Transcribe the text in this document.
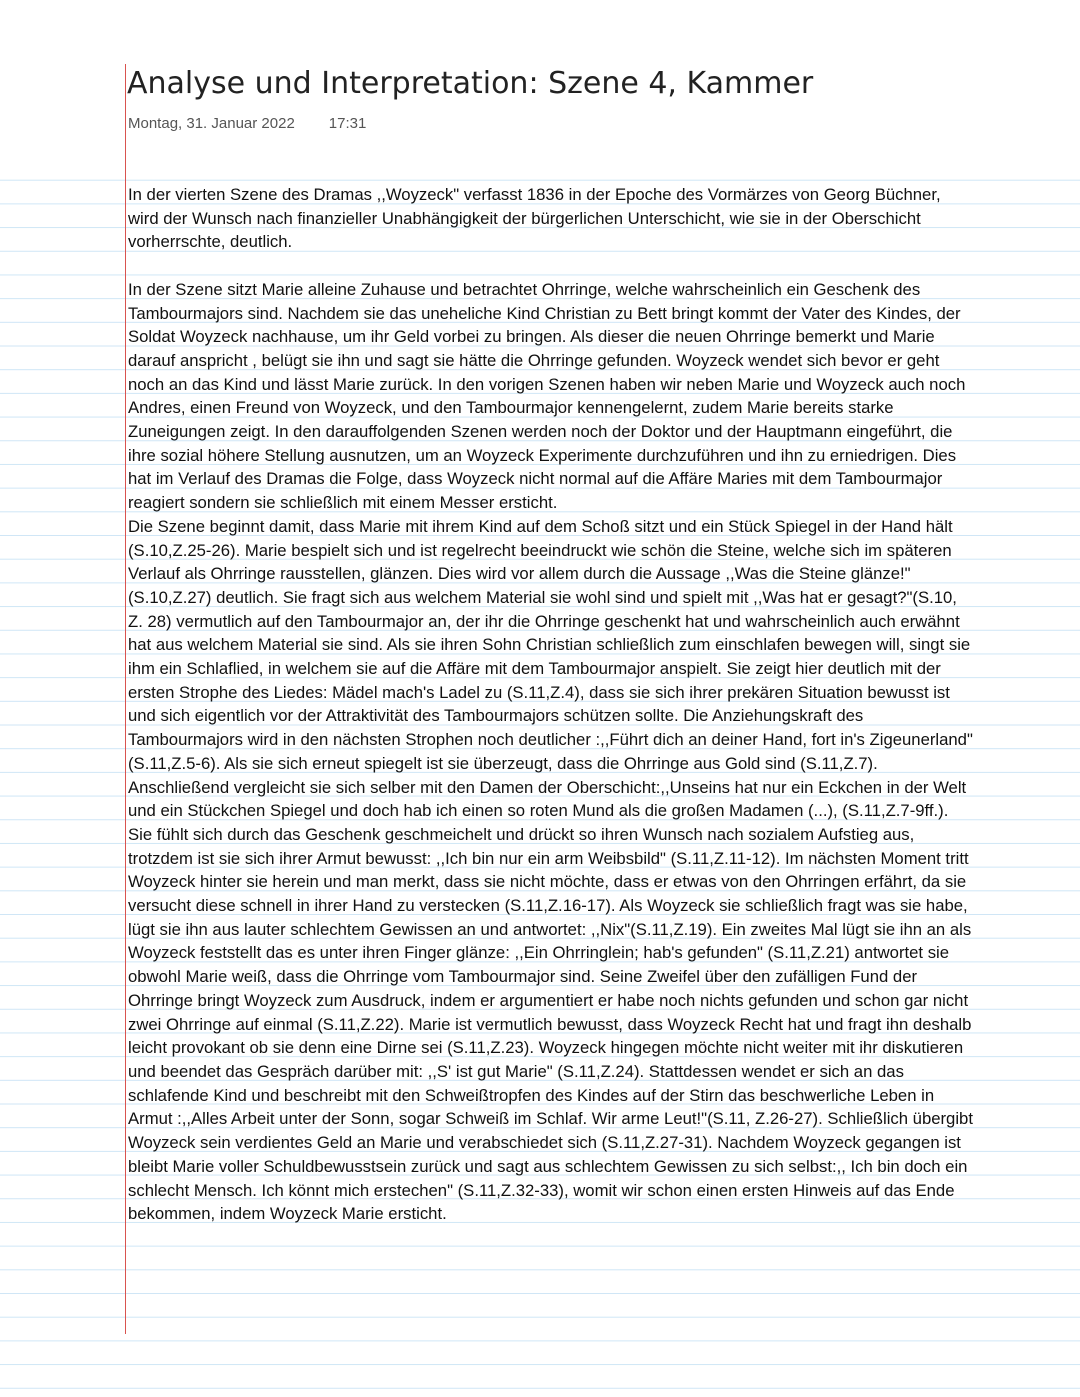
Analyse und Interpretation: Szene 4, Kammer
Montag, 31. Januar 2022 17:31

In der vierten Szene des Dramas ,,Woyzeck" verfasst 1836 in der Epoche des Vormärzes von Georg Büchner, wird der Wunsch nach finanzieller Unabhängigkeit der bürgerlichen Unterschicht, wie sie in der Oberschicht vorherrschte, deutlich.

In der Szene sitzt Marie alleine Zuhause und betrachtet Ohrringe, welche wahrscheinlich ein Geschenk des Tambourmajors sind. Nachdem sie das uneheliche Kind Christian zu Bett bringt kommt der Vater des Kindes, der Soldat Woyzeck nachhause, um ihr Geld vorbei zu bringen. Als dieser die neuen Ohrringe bemerkt und Marie darauf anspricht , belügt sie ihn und sagt sie hätte die Ohrringe gefunden. Woyzeck wendet sich bevor er geht noch an das Kind und lässt Marie zurück. In den vorigen Szenen haben wir neben Marie und Woyzeck auch noch Andres, einen Freund von Woyzeck, und den Tambourmajor kennengelernt, zudem Marie bereits starke Zuneigungen zeigt. In den darauffolgenden Szenen werden noch der Doktor und der Hauptmann eingeführt, die ihre sozial höhere Stellung ausnutzen, um an Woyzeck Experimente durchzuführen und ihn zu erniedrigen. Dies hat im Verlauf des Dramas die Folge, dass Woyzeck nicht normal auf die Affäre Maries mit dem Tambourmajor reagiert sondern sie schließlich mit einem Messer ersticht.

Die Szene beginnt damit, dass Marie mit ihrem Kind auf dem Schoß sitzt und ein Stück Spiegel in der Hand hält (S.10,Z.25-26). Marie bespielt sich und ist regelrecht beeindruckt wie schön die Steine, welche sich im späteren Verlauf als Ohrringe rausstellen, glänzen. Dies wird vor allem durch die Aussage ,,Was die Steine glänze!" (S.10,Z.27) deutlich. Sie fragt sich aus welchem Material sie wohl sind und spielt mit ,,Was hat er gesagt?"(S.10, Z. 28) vermutlich auf den Tambourmajor an, der ihr die Ohrringe geschenkt hat und wahrscheinlich auch erwähnt hat aus welchem Material sie sind. Als sie ihren Sohn Christian schließlich zum einschlafen bewegen will, singt sie ihm ein Schlaflied, in welchem sie auf die Affäre mit dem Tambourmajor anspielt. Sie zeigt hier deutlich mit der ersten Strophe des Liedes: Mädel mach's Ladel zu (S.11,Z.4), dass sie sich ihrer prekären Situation bewusst ist und sich eigentlich vor der Attraktivität des Tambourmajors schützen sollte. Die Anziehungskraft des Tambourmajors wird in den nächsten Strophen noch deutlicher :,,Führt dich an deiner Hand, fort in's Zigeunerland"(S.11,Z.5-6). Als sie sich erneut spiegelt ist sie überzeugt, dass die Ohrringe aus Gold sind (S.11,Z.7). Anschließend vergleicht sie sich selber mit den Damen der Oberschicht:,,Unseins hat nur ein Eckchen in der Welt und ein Stückchen Spiegel und doch hab ich einen so roten Mund als die großen Madamen (...), (S.11,Z.7-9ff.). Sie fühlt sich durch das Geschenk geschmeichelt und drückt so ihren Wunsch nach sozialem Aufstieg aus, trotzdem ist sie sich ihrer Armut bewusst: ,,Ich bin nur ein arm Weibsbild" (S.11,Z.11-12). Im nächsten Moment tritt Woyzeck hinter sie herein und man merkt, dass sie nicht möchte, dass er etwas von den Ohrringen erfährt, da sie versucht diese schnell in ihrer Hand zu verstecken (S.11,Z.16-17). Als Woyzeck sie schließlich fragt was sie habe, lügt sie ihn aus lauter schlechtem Gewissen an und antwortet: ,,Nix"(S.11,Z.19). Ein zweites Mal lügt sie ihn an als Woyzeck feststellt das es unter ihren Finger glänze: ,,Ein Ohrringlein; hab's gefunden" (S.11,Z.21) antwortet sie obwohl Marie weiß, dass die Ohrringe vom Tambourmajor sind. Seine Zweifel über den zufälligen Fund der Ohrringe bringt Woyzeck zum Ausdruck, indem er argumentiert er habe noch nichts gefunden und schon gar nicht zwei Ohrringe auf einmal (S.11,Z.22). Marie ist vermutlich bewusst, dass Woyzeck Recht hat und fragt ihn deshalb leicht provokant ob sie denn eine Dirne sei (S.11,Z.23). Woyzeck hingegen möchte nicht weiter mit ihr diskutieren und beendet das Gespräch darüber mit: ,,S' ist gut Marie" (S.11,Z.24). Stattdessen wendet er sich an das schlafende Kind und beschreibt mit den Schweißtropfen des Kindes auf der Stirn das beschwerliche Leben in Armut :,,Alles Arbeit unter der Sonn, sogar Schweiß im Schlaf. Wir arme Leut!"(S.11, Z.26-27). Schließlich übergibt Woyzeck sein verdientes Geld an Marie und verabschiedet sich (S.11,Z.27-31). Nachdem Woyzeck gegangen ist bleibt Marie voller Schuldbewusstsein zurück und sagt aus schlechtem Gewissen zu sich selbst:,, Ich bin doch ein schlecht Mensch. Ich könnt mich erstechen" (S.11,Z.32-33), womit wir schon einen ersten Hinweis auf das Ende bekommen, indem Woyzeck Marie ersticht.
